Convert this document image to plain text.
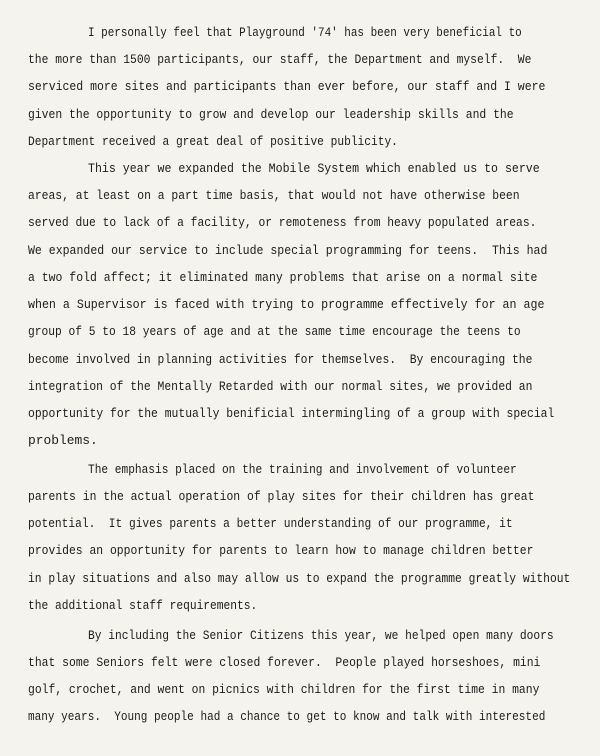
I personally feel that Playground '74' has been very beneficial to
the more than 1500 participants, our staff, the Department and myself.  We
serviced more sites and participants than ever before, our staff and I were
given the opportunity to grow and develop our leadership skills and the
Department received a great deal of positive publicity.
This year we expanded the Mobile System which enabled us to serve
areas, at least on a part time basis, that would not have otherwise been
served due to lack of a facility, or remoteness from heavy populated areas.
We expanded our service to include special programming for teens.  This had
a two fold affect; it eliminated many problems that arise on a normal site
when a Supervisor is faced with trying to programme effectively for an age
group of 5 to 18 years of age and at the same time encourage the teens to
become involved in planning activities for themselves.  By encouraging the
integration of the Mentally Retarded with our normal sites, we provided an
opportunity for the mutually benificial intermingling of a group with special
problems.
The emphasis placed on the training and involvement of volunteer
parents in the actual operation of play sites for their children has great
potential.  It gives parents a better understanding of our programme, it
provides an opportunity for parents to learn how to manage children better
in play situations and also may allow us to expand the programme greatly without
the additional staff requirements.
By including the Senior Citizens this year, we helped open many doors
that some Seniors felt were closed forever.  People played horseshoes, mini
golf, crochet, and went on picnics with children for the first time in many
many years.  Young people had a chance to get to know and talk with interested
